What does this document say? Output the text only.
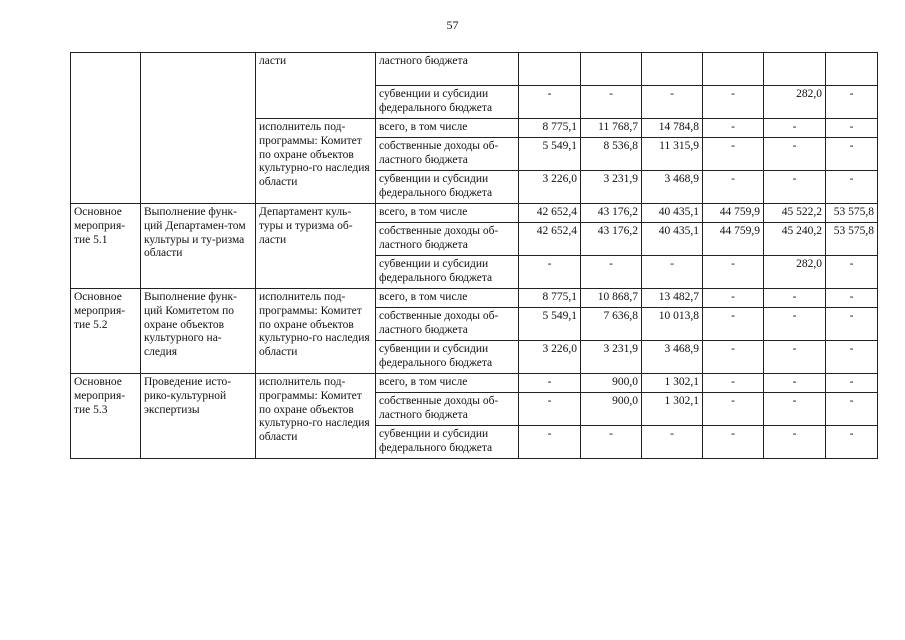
57
		ласти	ластного бюджета						
			субвенции и субсидии федерального бюджета	-	-	-	-	282,0	-
		исполнитель под-программы: Комитет по охране объектов культурно-го наследия области	всего, в том числе	8 775,1	11 768,7	14 784,8	-	-	-
			собственные доходы об-ластного бюджета	5 549,1	8 536,8	11 315,9	-	-	-
			субвенции и субсидии федерального бюджета	3 226,0	3 231,9	3 468,9	-	-	-
Основное мероприя-тие 5.1	Выполнение функ-ций Департамен-том культуры и ту-ризма области	Департамент куль-туры и туризма об-ласти	всего, в том числе	42 652,4	43 176,2	40 435,1	44 759,9	45 522,2	53 575,8
			собственные доходы об-ластного бюджета	42 652,4	43 176,2	40 435,1	44 759,9	45 240,2	53 575,8
			субвенции и субсидии федерального бюджета	-	-	-	-	282,0	-
Основное мероприя-тие 5.2	Выполнение функ-ций Комитетом по охране объектов культурного на-следия	исполнитель под-программы: Комитет по охране объектов культурно-го наследия области	всего, в том числе	8 775,1	10 868,7	13 482,7	-	-	-
			собственные доходы об-ластного бюджета	5 549,1	7 636,8	10 013,8	-	-	-
			субвенции и субсидии федерального бюджета	3 226,0	3 231,9	3 468,9	-	-	-
Основное мероприя-тие 5.3	Проведение исто-рико-культурной экспертизы	исполнитель под-программы: Комитет по охране объектов культурно-го наследия области	всего, в том числе	-	900,0	1 302,1	-	-	-
			собственные доходы об-ластного бюджета	-	900,0	1 302,1	-	-	-
			субвенции и субсидии федерального бюджета	-	-	-	-	-	-
